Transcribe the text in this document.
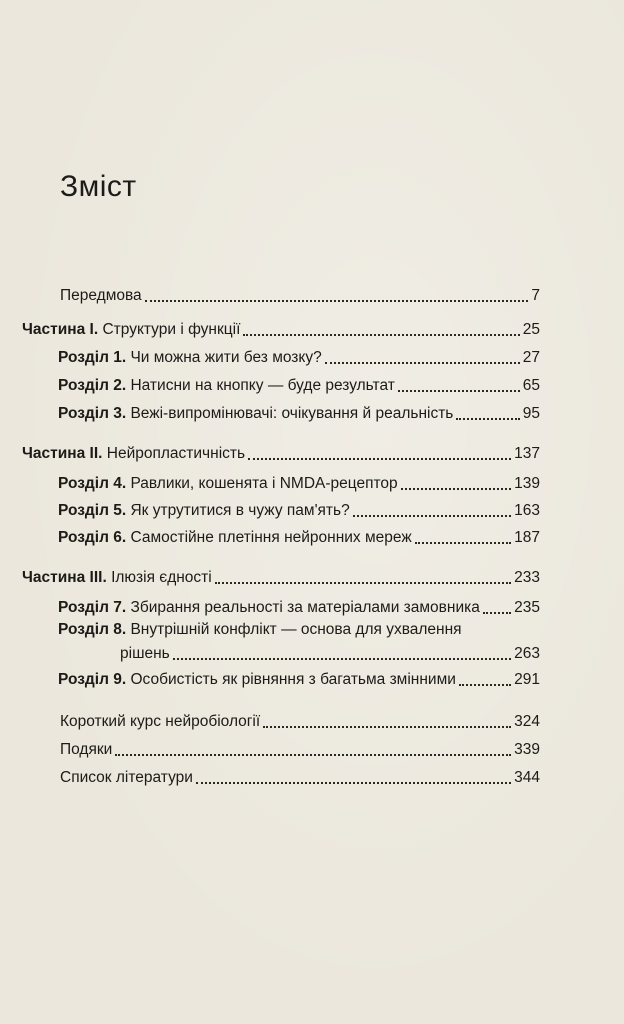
Зміст
Передмова	7
Частина I. Структури і функції	25
Розділ 1. Чи можна жити без мозку?	27
Розділ 2. Натисни на кнопку — буде результат	65
Розділ 3. Вежі-випромінювачі: очікування й реальність	95
Частина II. Нейропластичність	137
Розділ 4. Равлики, кошенята і NMDA-рецептор	139
Розділ 5. Як утрутитися в чужу пам'ять?	163
Розділ 6. Самостійне плетіння нейронних мереж	187
Частина III. Ілюзія єдності	233
Розділ 7. Збирання реальності за матеріалами замовника 235
Розділ 8. Внутрішній конфлікт — основа для ухвалення
рішень	263
Розділ 9. Особистість як рівняння з багатьма змінними	291
Короткий курс нейробіології	324
Подяки	339
Список літератури	344
